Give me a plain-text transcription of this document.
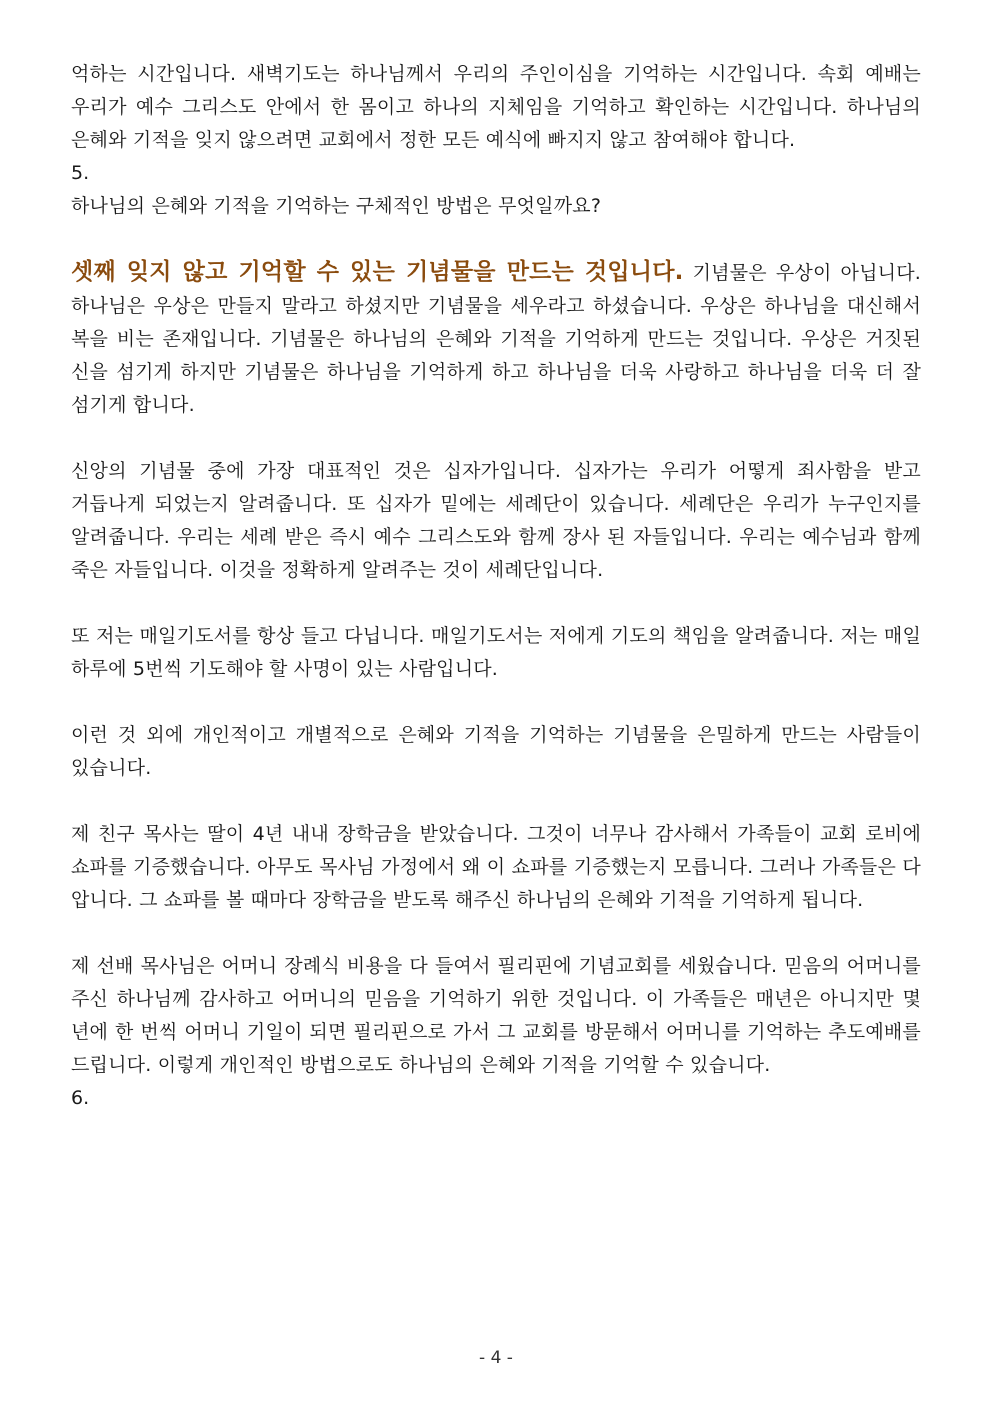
억하는 시간입니다. 새벽기도는 하나님께서 우리의 주인이심을 기억하는 시간입니다. 속회 예배는 우리가 예수 그리스도 안에서 한 몸이고 하나의 지체임을 기억하고 확인하는 시간입니다. 하나님의 은혜와 기적을 잊지 않으려면 교회에서 정한 모든 예식에 빠지지 않고 참여해야 합니다.

5.

하나님의 은혜와 기적을 기억하는 구체적인 방법은 무엇일까요?

셋째 잊지 않고 기억할 수 있는 기념물을 만드는 것입니다. 기념물은 우상이 아닙니다. 하나님은 우상은 만들지 말라고 하셨지만 기념물을 세우라고 하셨습니다. 우상은 하나님을 대신해서 복을 비는 존재입니다. 기념물은 하나님의 은혜와 기적을 기억하게 만드는 것입니다. 우상은 거짓된 신을 섬기게 하지만 기념물은 하나님을 기억하게 하고 하나님을 더욱 사랑하고 하나님을 더욱 더 잘 섬기게 합니다.

신앙의 기념물 중에 가장 대표적인 것은 십자가입니다. 십자가는 우리가 어떻게 죄사함을 받고 거듭나게 되었는지 알려줍니다. 또 십자가 밑에는 세례단이 있습니다. 세례단은 우리가 누구인지를 알려줍니다. 우리는 세례 받은 즉시 예수 그리스도와 함께 장사 된 자들입니다. 우리는 예수님과 함께 죽은 자들입니다. 이것을 정확하게 알려주는 것이 세례단입니다.

또 저는 매일기도서를 항상 들고 다닙니다. 매일기도서는 저에게 기도의 책임을 알려줍니다. 저는 매일 하루에 5번씩 기도해야 할 사명이 있는 사람입니다.

이런 것 외에 개인적이고 개별적으로 은혜와 기적을 기억하는 기념물을 은밀하게 만드는 사람들이 있습니다.

제 친구 목사는 딸이 4년 내내 장학금을 받았습니다. 그것이 너무나 감사해서 가족들이 교회 로비에 쇼파를 기증했습니다. 아무도 목사님 가정에서 왜 이 쇼파를 기증했는지 모릅니다. 그러나 가족들은 다 압니다. 그 쇼파를 볼 때마다 장학금을 받도록 해주신 하나님의 은혜와 기적을 기억하게 됩니다.

제 선배 목사님은 어머니 장례식 비용을 다 들여서 필리핀에 기념교회를 세웠습니다. 믿음의 어머니를 주신 하나님께 감사하고 어머니의 믿음을 기억하기 위한 것입니다. 이 가족들은 매년은 아니지만 몇 년에 한 번씩 어머니 기일이 되면 필리핀으로 가서 그 교회를 방문해서 어머니를 기억하는 추도예배를 드립니다. 이렇게 개인적인 방법으로도 하나님의 은혜와 기적을 기억할 수 있습니다.

6.

- 4 -
